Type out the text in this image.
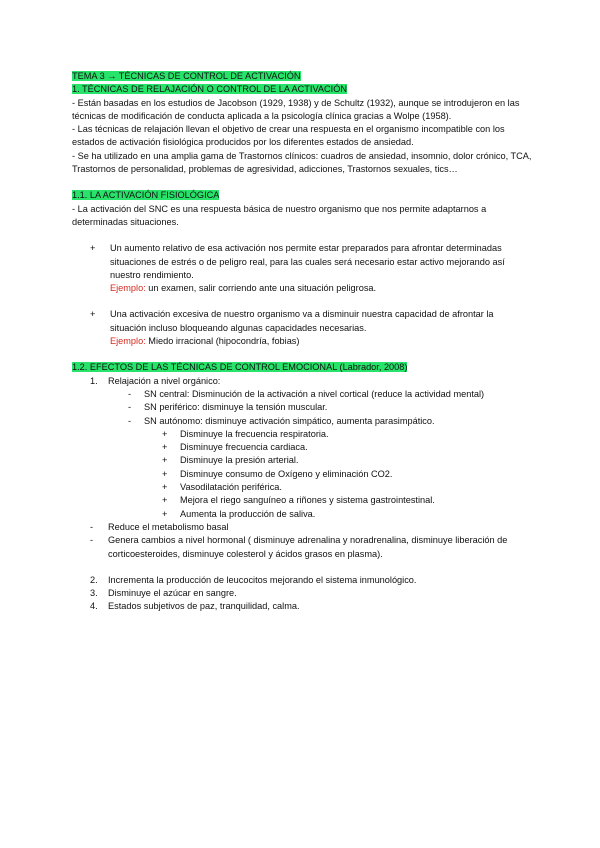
TEMA 3 → TÉCNICAS DE CONTROL DE ACTIVACIÓN

1. TÉCNICAS DE RELAJACIÓN O CONTROL DE LA ACTIVACIÓN

- Están basadas en los estudios de Jacobson (1929, 1938) y de Schultz (1932), aunque se introdujeron en las técnicas de modificación de conducta aplicada a la psicología clínica gracias a Wolpe (1958).

- Las técnicas de relajación llevan el objetivo de crear una respuesta en el organismo incompatible con los estados de activación fisiológica producidos por los diferentes estados de ansiedad.

- Se ha utilizado en una amplia gama de Trastornos clínicos: cuadros de ansiedad, insomnio, dolor crónico, TCA, Trastornos de personalidad, problemas de agresividad, adicciones, Trastornos sexuales, tics…

1.1. LA ACTIVACIÓN FISIOLÓGICA

- La activación del SNC es una respuesta básica de nuestro organismo que nos permite adaptarnos a determinadas situaciones.

+ Un aumento relativo de esa activación nos permite estar preparados para afrontar determinadas situaciones de estrés o de peligro real, para las cuales será necesario estar activo mejorando así nuestro rendimiento.

Ejemplo: un examen, salir corriendo ante una situación peligrosa.

+ Una activación excesiva de nuestro organismo va a disminuir nuestra capacidad de afrontar la situación incluso bloqueando algunas capacidades necesarias.

Ejemplo: Miedo irracional (hipocondría, fobias)

1.2. EFECTOS DE LAS TÉCNICAS DE CONTROL EMOCIONAL (Labrador, 2008)

1. Relajación a nivel orgánico:

- SN central: Disminución de la activación a nivel cortical (reduce la actividad mental)

- SN periférico: disminuye la tensión muscular.

- SN autónomo: disminuye activación simpático, aumenta parasimpático.

+ Disminuye la frecuencia respiratoria.

+ Disminuye frecuencia cardiaca.

+ Disminuye la presión arterial.

+ Disminuye consumo de Oxígeno y eliminación CO2.

+ Vasodilatación periférica.

+ Mejora el riego sanguíneo a riñones y sistema gastrointestinal.

+ Aumenta la producción de saliva.

- Reduce el metabolismo basal

- Genera cambios a nivel hormonal ( disminuye adrenalina y noradrenalina, disminuye liberación de corticoesteroides, disminuye colesterol y ácidos grasos en plasma).

2. Incrementa la producción de leucocitos mejorando el sistema inmunológico.

3. Disminuye el azúcar en sangre.

4. Estados subjetivos de paz, tranquilidad, calma.
